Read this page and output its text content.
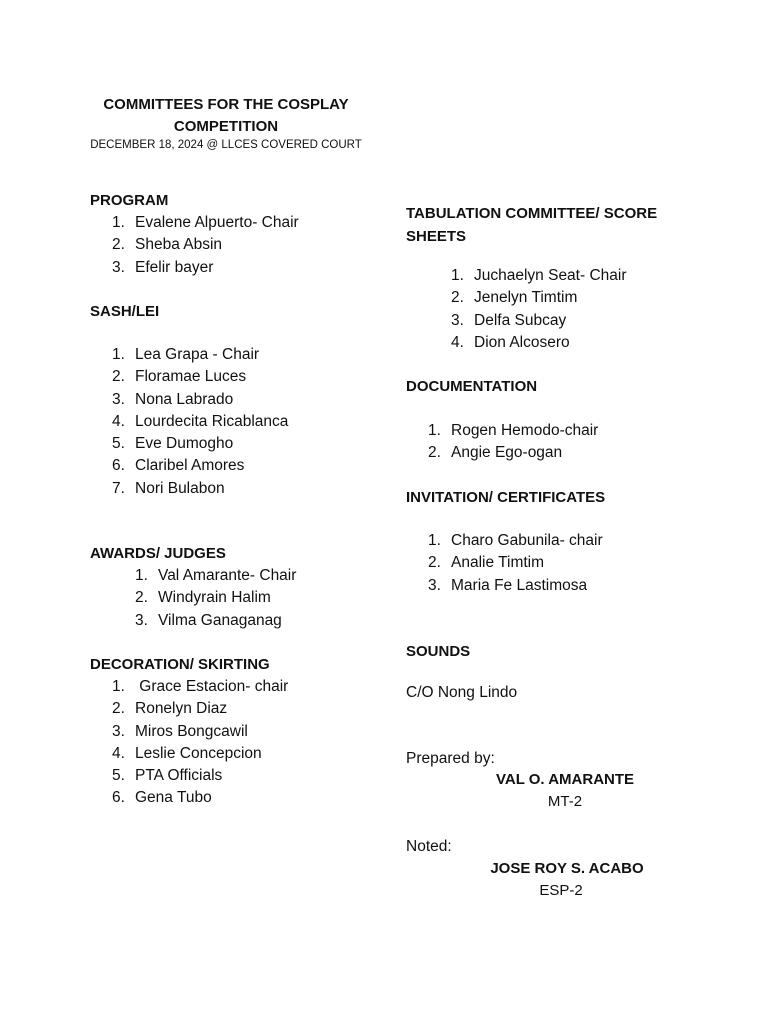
COMMITTEES FOR THE COSPLAY
COMPETITION
DECEMBER 18, 2024 @ LLCES COVERED COURT
PROGRAM
1. Evalene Alpuerto- Chair
2. Sheba Absin
3. Efelir bayer
SASH/LEI
1. Lea Grapa - Chair
2. Floramae Luces
3. Nona Labrado
4. Lourdecita Ricablanca
5. Eve Dumogho
6. Claribel Amores
7. Nori Bulabon
AWARDS/ JUDGES
1. Val Amarante- Chair
2. Windyrain Halim
3. Vilma Ganaganag
DECORATION/ SKIRTING
1. Grace Estacion- chair
2. Ronelyn Diaz
3. Miros Bongcawil
4. Leslie Concepcion
5. PTA Officials
6. Gena Tubo
TABULATION COMMITTEE/ SCORE
SHEETS
1. Juchaelyn Seat- Chair
2. Jenelyn Timtim
3. Delfa Subcay
4. Dion Alcosero
DOCUMENTATION
1. Rogen Hemodo-chair
2. Angie Ego-ogan
INVITATION/ CERTIFICATES
1. Charo Gabunila- chair
2. Analie Timtim
3. Maria Fe Lastimosa
SOUNDS
C/O Nong Lindo
Prepared by:
VAL O. AMARANTE
MT-2
Noted:
JOSE ROY S. ACABO
ESP-2
